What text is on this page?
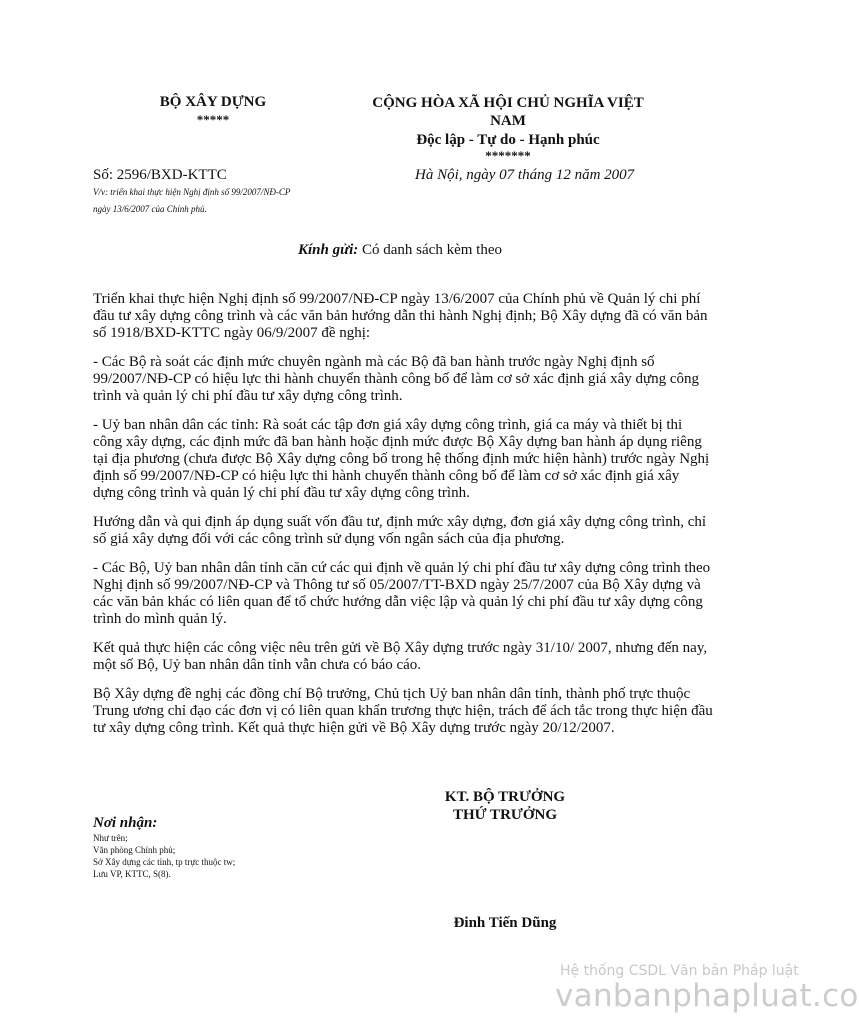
BỘ XÂY DỰNG
*****
CỘNG HÒA XÃ HỘI CHỦ NGHĨA VIỆT
NAM
Độc lập - Tự do - Hạnh phúc
*******
Số: 2596/BXD-KTTC	Hà Nội, ngày 07 tháng 12 năm 2007
V/v: triển khai thực hiện Nghị định số 99/2007/NĐ-CP
ngày 13/6/2007 của Chính phủ.
Kính gửi: Có danh sách kèm theo

Triển khai thực hiện Nghị định số 99/2007/NĐ-CP ngày 13/6/2007 của Chính phủ về Quản lý chi phí đầu tư xây dựng công trình và các văn bản hướng dẫn thi hành Nghị định; Bộ Xây dựng đã có văn bản số 1918/BXD-KTTC ngày 06/9/2007 đề nghị:

- Các Bộ rà soát các định mức chuyên ngành mà các Bộ đã ban hành trước ngày Nghị định số 99/2007/NĐ-CP có hiệu lực thi hành chuyển thành công bố để làm cơ sở xác định giá xây dựng công trình và quản lý chi phí đầu tư xây dựng công trình.

- Uỷ ban nhân dân các tỉnh: Rà soát các tập đơn giá xây dựng công trình, giá ca máy và thiết bị thi công xây dựng, các định mức đã ban hành hoặc định mức được Bộ Xây dựng ban hành áp dụng riêng tại địa phương (chưa được Bộ Xây dựng công bố trong hệ thống định mức hiện hành) trước ngày Nghị định số 99/2007/NĐ-CP có hiệu lực thi hành chuyển thành công bố để làm cơ sở xác định giá xây dựng công trình và quản lý chi phí đầu tư xây dựng công trình.

Hướng dẫn và qui định áp dụng suất vốn đầu tư, định mức xây dựng, đơn giá xây dựng công trình, chỉ số giá xây dựng đối với các công trình sử dụng vốn ngân sách của địa phương.

- Các Bộ, Uỷ ban nhân dân tỉnh căn cứ các qui định về quản lý chi phí đầu tư xây dựng công trình theo Nghị định số 99/2007/NĐ-CP và Thông tư số 05/2007/TT-BXD ngày 25/7/2007 của Bộ Xây dựng và các văn bản khác có liên quan để tổ chức hướng dẫn việc lập và quản lý chi phí đầu tư xây dựng công trình do mình quản lý.

Kết quả thực hiện các công việc nêu trên gửi về Bộ Xây dựng trước ngày 31/10/ 2007, nhưng đến nay, một số Bộ, Uỷ ban nhân dân tỉnh vẫn chưa có báo cáo.

Bộ Xây dựng đề nghị các đồng chí Bộ trưởng, Chủ tịch Uỷ ban nhân dân tỉnh, thành phố trực thuộc Trung ương chỉ đạo các đơn vị có liên quan khẩn trương thực hiện, trách để ách tắc trong thực hiện đầu tư xây dựng công trình. Kết quả thực hiện gửi về Bộ Xây dựng trước ngày 20/12/2007.

KT. BỘ TRƯỞNG
THỨ TRƯỞNG
Đinh Tiến Dũng
Nơi nhận:
Như trên;
Văn phòng Chính phủ;
Sở Xây dựng các tỉnh, tp trực thuộc tw;
Lưu VP, KTTC, S(8).
Hệ thống CSDL Văn bản Pháp luật
vanbanphapluat.co
